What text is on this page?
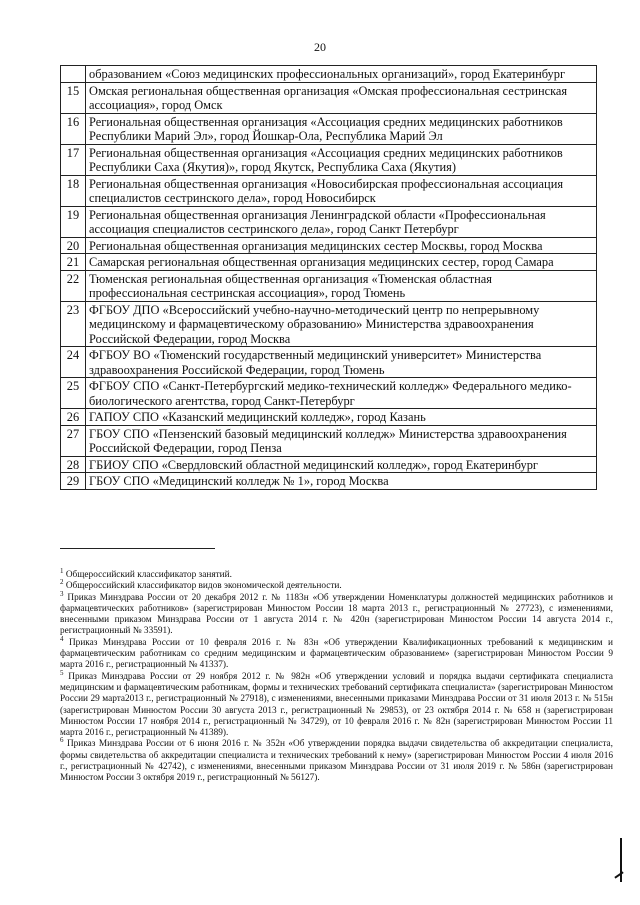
20
	образованием «Союз медицинских профессиональных организаций», город Екатеринбург
15	Омская региональная общественная организация «Омская профессиональная сестринская ассоциация», город Омск
16	Региональная общественная организация «Ассоциация средних медицинских работников Республики Марий Эл», город Йошкар-Ола, Республика Марий Эл
17	Региональная общественная организация «Ассоциация средних медицинских работников Республики Саха (Якутия)», город Якутск, Республика Саха (Якутия)
18	Региональная общественная организация «Новосибирская профессиональная ассоциация специалистов сестринского дела», город Новосибирск
19	Региональная общественная организация Ленинградской области «Профессиональная ассоциация специалистов сестринского дела», город Санкт Петербург
20	Региональная общественная организация медицинских сестер Москвы, город Москва
21	Самарская региональная общественная организация медицинских сестер, город Самара
22	Тюменская региональная общественная организация «Тюменская областная профессиональная сестринская ассоциация», город Тюмень
23	ФГБОУ ДПО «Всероссийский учебно-научно-методический центр по непрерывному медицинскому и фармацевтическому образованию» Министерства здравоохранения Российской Федерации, город Москва
24	ФГБОУ ВО «Тюменский государственный медицинский университет» Министерства здравоохранения Российской Федерации, город Тюмень
25	ФГБОУ СПО «Санкт-Петербургский медико-технический колледж» Федерального медико-биологического агентства, город Санкт-Петербург
26	ГАПОУ СПО «Казанский медицинский колледж», город Казань
27	ГБОУ СПО «Пензенский базовый медицинский колледж» Министерства здравоохранения Российской Федерации, город Пенза
28	ГБИОУ СПО «Свердловский областной медицинский колледж», город Екатеринбург
29	ГБОУ СПО «Медицинский колледж № 1», город Москва

$^1$ Общероссийский классификатор занятий.

$^2$ Общероссийский классификатор видов экономической деятельности.

$^3$ Приказ Минздрава России от 20 декабря 2012 г. № 1183н «Об утверждении Номенклатуры должностей медицинских работников и фармацевтических работников» (зарегистрирован Минюстом России 18 марта 2013 г., регистрационный № 27723), с изменениями, внесенными приказом Минздрава России от 1 августа 2014 г. № 420н (зарегистрирован Минюстом России 14 августа 2014 г., регистрационный № 33591).

$^4$ Приказ Минздрава России от 10 февраля 2016 г. № 83н «Об утверждении Квалификационных требований к медицинским и фармацевтическим работникам со средним медицинским и фармацевтическим образованием» (зарегистрирован Минюстом России 9 марта 2016 г., регистрационный № 41337).

$^5$ Приказ Минздрава России от 29 ноября 2012 г. № 982н «Об утверждении условий и порядка выдачи сертификата специалиста медицинским и фармацевтическим работникам, формы и технических требований сертификата специалиста» (зарегистрирован Минюстом России 29 марта2013 г., регистрационный № 27918), с изменениями, внесенными приказами Минздрава России от 31 июля 2013 г. № 515н (зарегистрирован Минюстом России 30 августа 2013 г., регистрационный № 29853), от 23 октября 2014 г. № 658 н (зарегистрирован Минюстом России 17 ноября 2014 г., регистрационный № 34729), от 10 февраля 2016 г. № 82н (зарегистрирован Минюстом России 11 марта 2016 г., регистрационный № 41389).

$^6$ Приказ Минздрава России от 6 июня 2016 г. № 352н «Об утверждении порядка выдачи свидетельства об аккредитации специалиста, формы свидетельства об аккредитации специалиста и технических требований к нему» (зарегистрирован Минюстом России 4 июля 2016 г., регистрационный № 42742), с изменениями, внесенными приказом Минздрава России от 31 июля 2019 г. № 586н (зарегистрирован Минюстом России 3 октября 2019 г., регистрационный № 56127).
